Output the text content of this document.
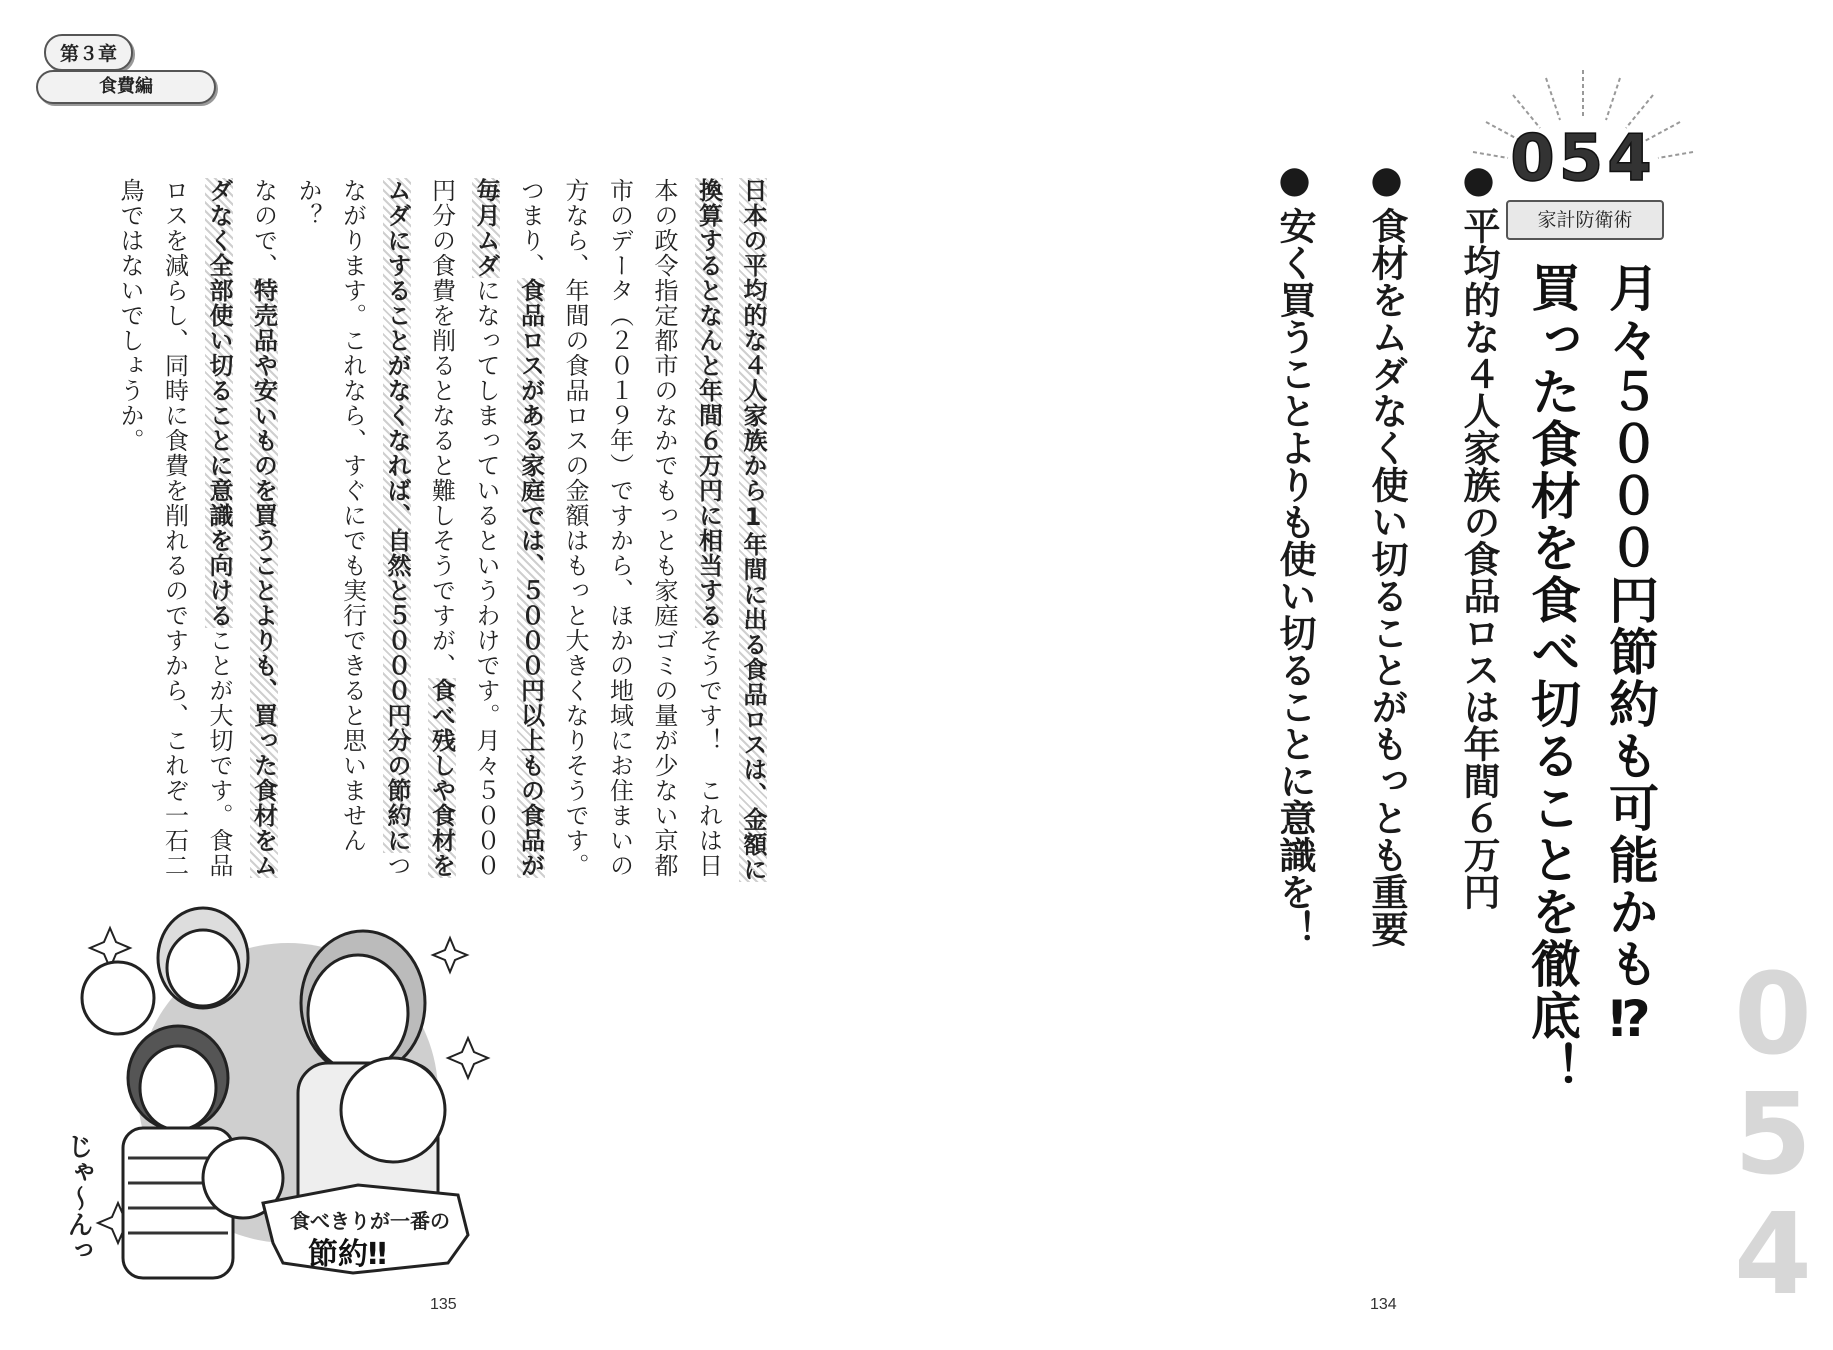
第３章
食費編
054
家計防衛術
0
5
4
月々５０００円節約も可能かも⁉
買った食材を食べ切ることを徹底！
●平均的な４人家族の食品ロスは年間６万円
●食材をムダなく使い切ることがもっとも重要
●安く買うことよりも使い切ることに意識を！

日本の平均的な４人家族から1年間に出る食品ロスは、金額に換算するとなんと年間６万円に相当するそうです！　これは日本の政令指定都市のなかでもっとも家庭ゴミの量が少ない京都市のデータ（２０１９年）ですから、ほかの地域にお住まいの方なら、年間の食品ロスの金額はもっと大きくなりそうです。

つまり、食品ロスがある家庭では、５０００円以上もの食品が毎月ムダになってしまっているというわけです。月々５０００円分の食費を削るとなると難しそうですが、食べ残しや食材をムダにすることがなくなれば、自然と５０００円分の節約につながります。これなら、すぐにでも実行できると思いませんか？

なので、特売品や安いものを買うことよりも、買った食材をムダなく全部使い切ることに意識を向けることが大切です。食品ロスを減らし、同時に食費を削れるのですから、これぞ一石二鳥ではないでしょうか。

食べきりが一番の
節約‼
じゃ〜んっ
135	134
